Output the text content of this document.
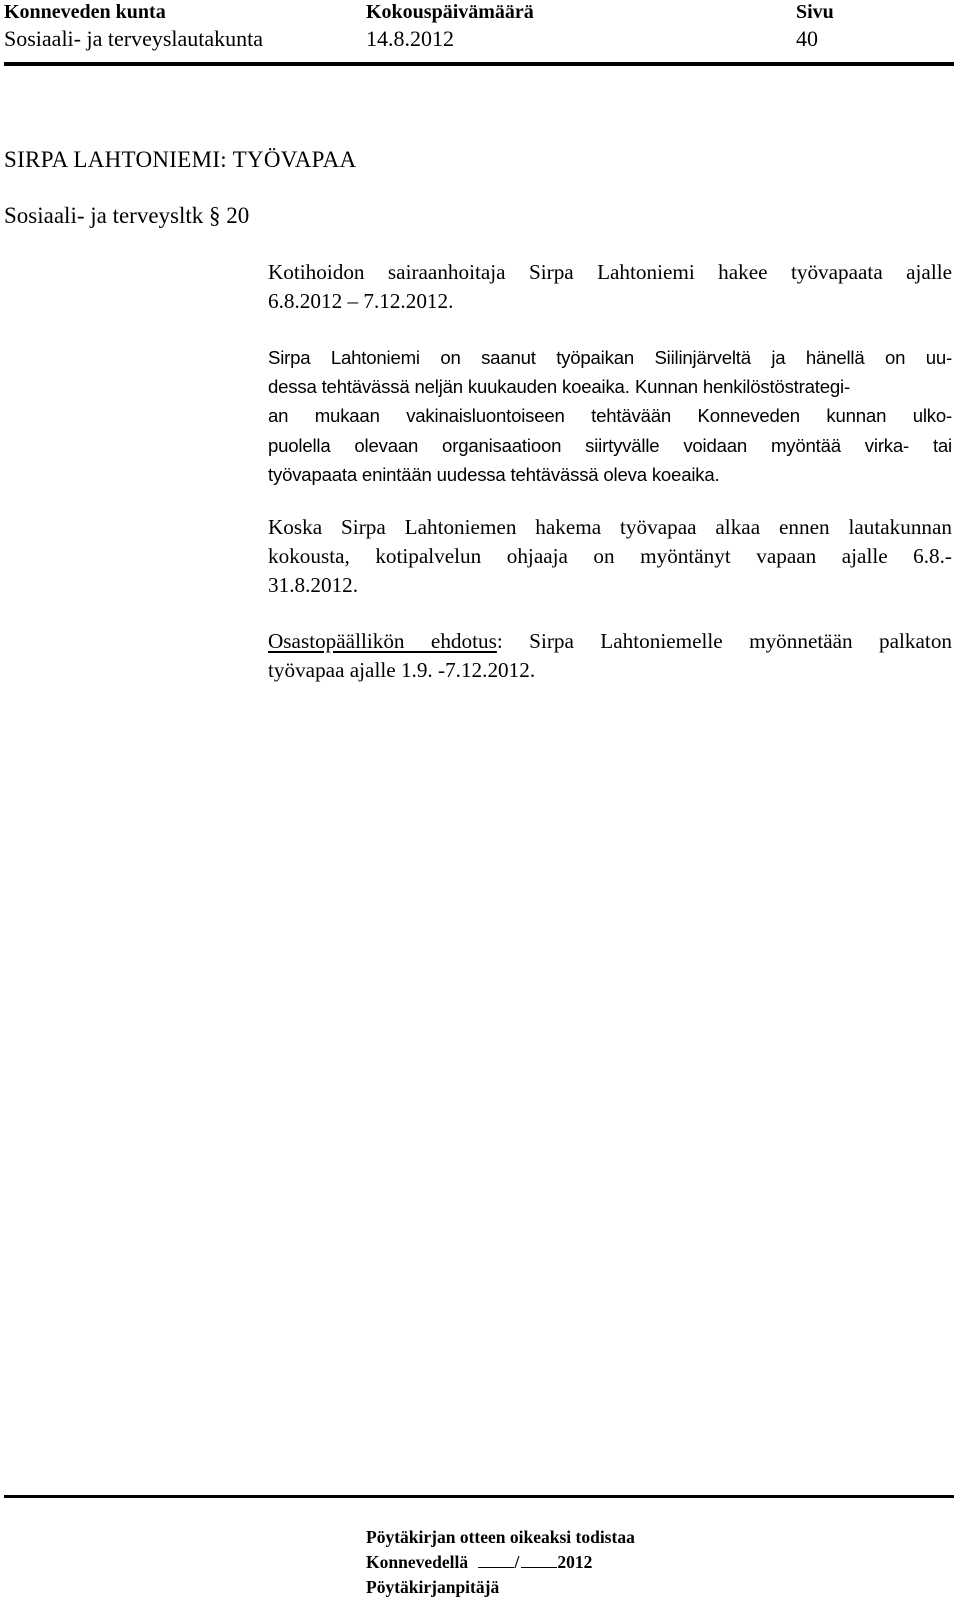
Konneveden kunta
Sosiaali- ja terveyslautakunta
Kokouspäivämäärä
14.8.2012
Sivu
40
SIRPA LAHTONIEMI: TYÖVAPAA
Sosiaali- ja terveysltk § 20

Kotihoidon sairaanhoitaja Sirpa Lahtoniemi hakee työvapaata ajalle

6.8.2012 – 7.12.2012.

Sirpa Lahtoniemi on saanut työpaikan Siilinjärveltä ja hänellä on uu-

dessa tehtävässä neljän kuukauden koeaika. Kunnan henkilöstöstrategi-

an mukaan vakinaisluontoiseen tehtävään Konneveden kunnan ulko-

puolella olevaan organisaatioon siirtyvälle voidaan myöntää virka- tai

työvapaata enintään uudessa tehtävässä oleva koeaika.

Koska Sirpa Lahtoniemen hakema työvapaa alkaa ennen lautakunnan

kokousta, kotipalvelun ohjaaja on myöntänyt vapaan ajalle 6.8.-

31.8.2012.

Osastopäällikön ehdotus: Sirpa Lahtoniemelle myönnetään palkaton

työvapaa ajalle 1.9. -7.12.2012.

Pöytäkirjan otteen oikeaksi todistaa
Konnevedellä	/ 2012
Pöytäkirjanpitäjä
